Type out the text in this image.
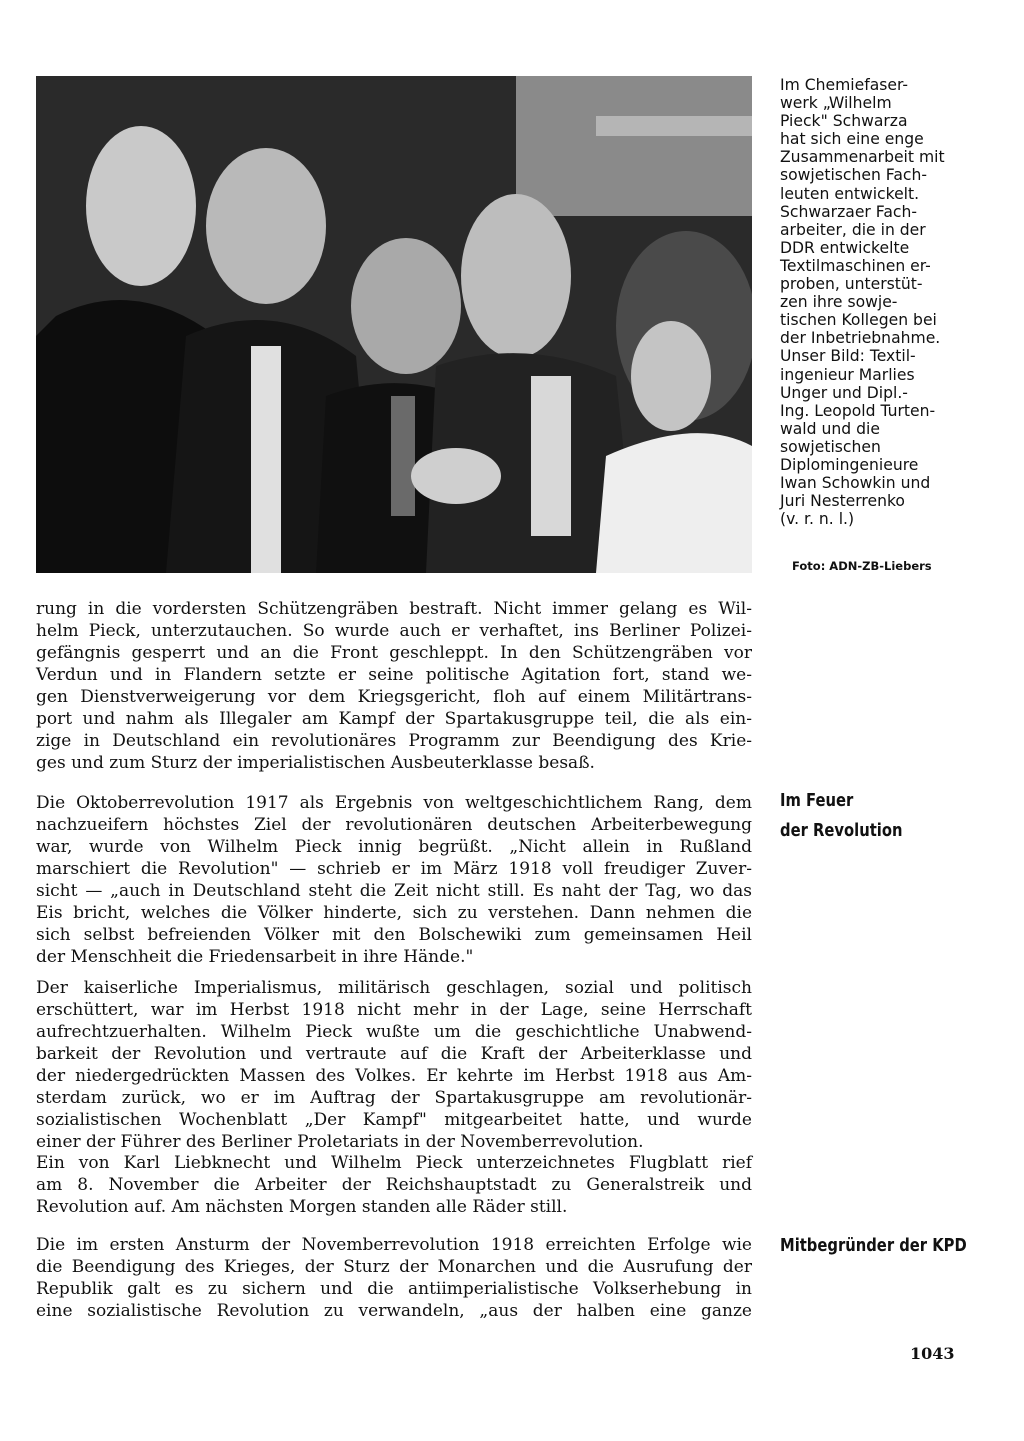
Im Chemiefaser-
werk „Wilhelm
Pieck" Schwarza
hat sich eine enge
Zusammenarbeit mit
sowjetischen Fach-
leuten entwickelt.
Schwarzaer Fach-
arbeiter, die in der
DDR entwickelte
Textilmaschinen er-
proben, unterstüt-
zen ihre sowje-
tischen Kollegen bei
der Inbetriebnahme.
Unser Bild: Textil-
ingenieur Marlies
Unger und Dipl.-
Ing. Leopold Turten-
wald und die
sowjetischen
Diplomingenieure
Iwan Schowkin und
Juri Nesterrenko
(v. r. n. l.)
Foto: ADN-ZB-Liebers
rung in die vordersten Schützengräben bestraft. Nicht immer gelang es Wil-
helm Pieck, unterzutauchen. So wurde auch er verhaftet, ins Berliner Polizei-
gefängnis gesperrt und an die Front geschleppt. In den Schützengräben vor
Verdun und in Flandern setzte er seine politische Agitation fort, stand we-
gen Dienstverweigerung vor dem Kriegsgericht, floh auf einem Militärtrans-
port und nahm als Illegaler am Kampf der Spartakusgruppe teil, die als ein-
zige in Deutschland ein revolutionäres Programm zur Beendigung des Krie-
ges und zum Sturz der imperialistischen Ausbeuterklasse besaß.
Die Oktoberrevolution 1917 als Ergebnis von weltgeschichtlichem Rang, dem
nachzueifern höchstes Ziel der revolutionären deutschen Arbeiterbewegung
war, wurde von Wilhelm Pieck innig begrüßt. „Nicht allein in Rußland
marschiert die Revolution" — schrieb er im März 1918 voll freudiger Zuver-
sicht — „auch in Deutschland steht die Zeit nicht still. Es naht der Tag, wo das
Eis bricht, welches die Völker hinderte, sich zu verstehen. Dann nehmen die
sich selbst befreienden Völker mit den Bolschewiki zum gemeinsamen Heil
der Menschheit die Friedensarbeit in ihre Hände."
Der kaiserliche Imperialismus, militärisch geschlagen, sozial und politisch
erschüttert, war im Herbst 1918 nicht mehr in der Lage, seine Herrschaft
aufrechtzuerhalten. Wilhelm Pieck wußte um die geschichtliche Unabwend-
barkeit der Revolution und vertraute auf die Kraft der Arbeiterklasse und
der niedergedrückten Massen des Volkes. Er kehrte im Herbst 1918 aus Am-
sterdam zurück, wo er im Auftrag der Spartakusgruppe am revolutionär-
sozialistischen Wochenblatt „Der Kampf" mitgearbeitet hatte, und wurde
einer der Führer des Berliner Proletariats in der Novemberrevolution.
Ein von Karl Liebknecht und Wilhelm Pieck unterzeichnetes Flugblatt rief
am 8. November die Arbeiter der Reichshauptstadt zu Generalstreik und
Revolution auf. Am nächsten Morgen standen alle Räder still.
Die im ersten Ansturm der Novemberrevolution 1918 erreichten Erfolge wie
die Beendigung des Krieges, der Sturz der Monarchen und die Ausrufung der
Republik galt es zu sichern und die antiimperialistische Volkserhebung in
eine sozialistische Revolution zu verwandeln, „aus der halben eine ganze
Im Feuer
der Revolution
Mitbegründer der KPD
1043
